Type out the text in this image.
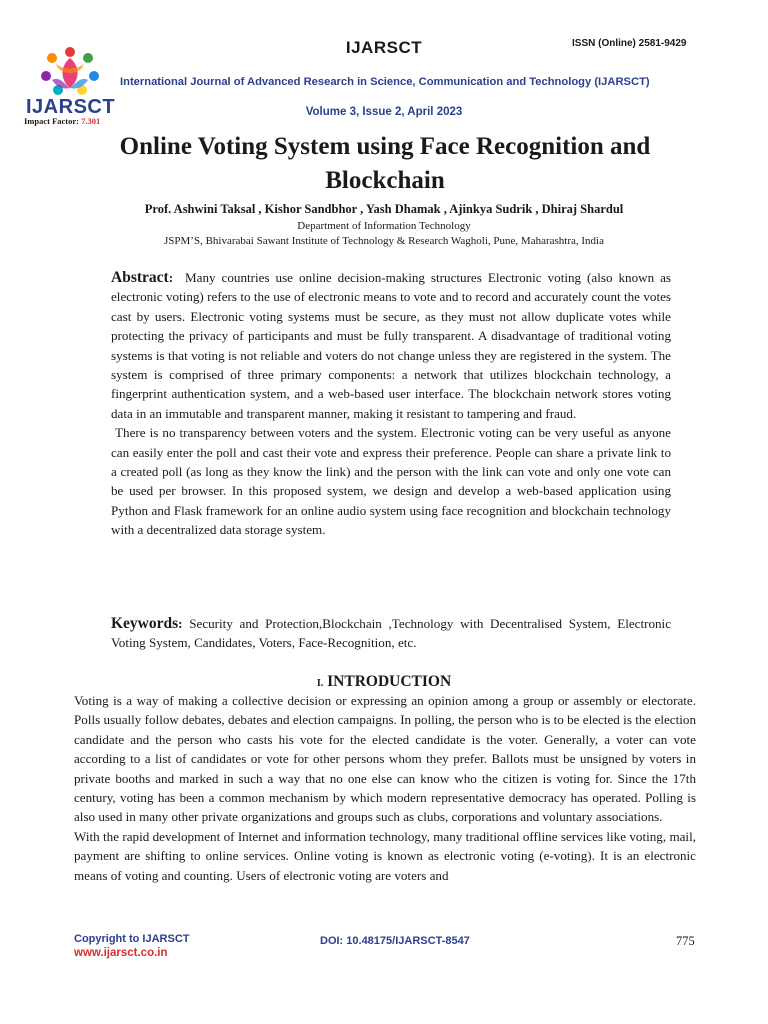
IJARSCT
Impact Factor: 7.301
IJARSCT	ISSN (Online) 2581-9429
International Journal of Advanced Research in Science, Communication and Technology (IJARSCT)
Volume 3, Issue 2, April 2023
Online Voting System using Face Recognition and Blockchain
Prof. Ashwini Taksal , Kishor Sandbhor , Yash Dhamak , Ajinkya Sudrik , Dhiraj Shardul
Department of Information Technology
JSPM’S, Bhivarabai Sawant Institute of Technology & Research Wagholi, Pune, Maharashtra, India

Abstract: Many countries use online decision-making structures Electronic voting (also known as electronic voting) refers to the use of electronic means to vote and to record and accurately count the votes cast by users. Electronic voting systems must be secure, as they must not allow duplicate votes while protecting the privacy of participants and must be fully transparent. A disadvantage of traditional voting systems is that voting is not reliable and voters do not change unless they are registered in the system. The system is comprised of three primary components: a network that utilizes blockchain technology, a fingerprint authentication system, and a web-based user interface. The blockchain network stores voting data in an immutable and transparent manner, making it resistant to tampering and fraud.

There is no transparency between voters and the system. Electronic voting can be very useful as anyone can easily enter the poll and cast their vote and express their preference. People can share a private link to a created poll (as long as they know the link) and the person with the link can vote and only one vote can be used per browser. In this proposed system, we design and develop a web-based application using Python and Flask framework for an online audio system using face recognition and blockchain technology with a decentralized data storage system.

Keywords: Security and Protection,Blockchain ,Technology with Decentralised System, Electronic Voting System, Candidates, Voters, Face-Recognition, etc.
I. INTRODUCTION

Voting is a way of making a collective decision or expressing an opinion among a group or assembly or electorate. Polls usually follow debates, debates and election campaigns. In polling, the person who is to be elected is the election candidate and the person who casts his vote for the elected candidate is the voter. Generally, a voter can vote according to a list of candidates or vote for other persons whom they prefer. Ballots must be unsigned by voters in private booths and marked in such a way that no one else can know who the citizen is voting for. Since the 17th century, voting has been a common mechanism by which modern representative democracy has operated. Polling is also used in many other private organizations and groups such as clubs, corporations and voluntary associations.

With the rapid development of Internet and information technology, many traditional offline services like voting, mail, payment are shifting to online services. Online voting is known as electronic voting (e-voting). It is an electronic means of voting and counting. Users of electronic voting are voters and

Copyright to IJARSCT
www.ijarsct.co.in
DOI: 10.48175/IJARSCT-8547	775
